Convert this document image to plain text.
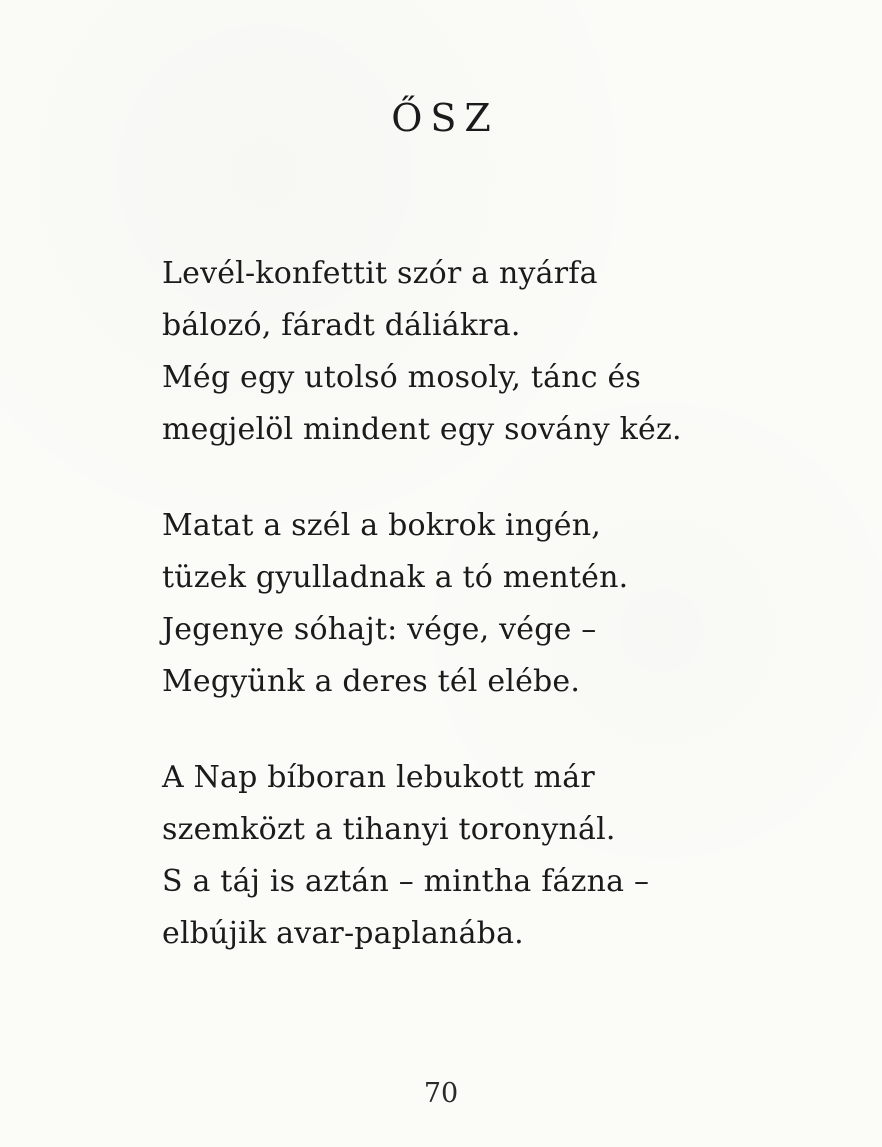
ŐSZ
Levél-konfettit szór a nyárfa
bálozó, fáradt dáliákra.
Még egy utolsó mosoly, tánc és
megjelöl mindent egy sovány kéz.
Matat a szél a bokrok ingén,
tüzek gyulladnak a tó mentén.
Jegenye sóhajt: vége, vége –
Megyünk a deres tél elébe.
A Nap bíboran lebukott már
szemközt a tihanyi toronynál.
S a táj is aztán – mintha fázna –
elbújik avar-paplanába.
70
